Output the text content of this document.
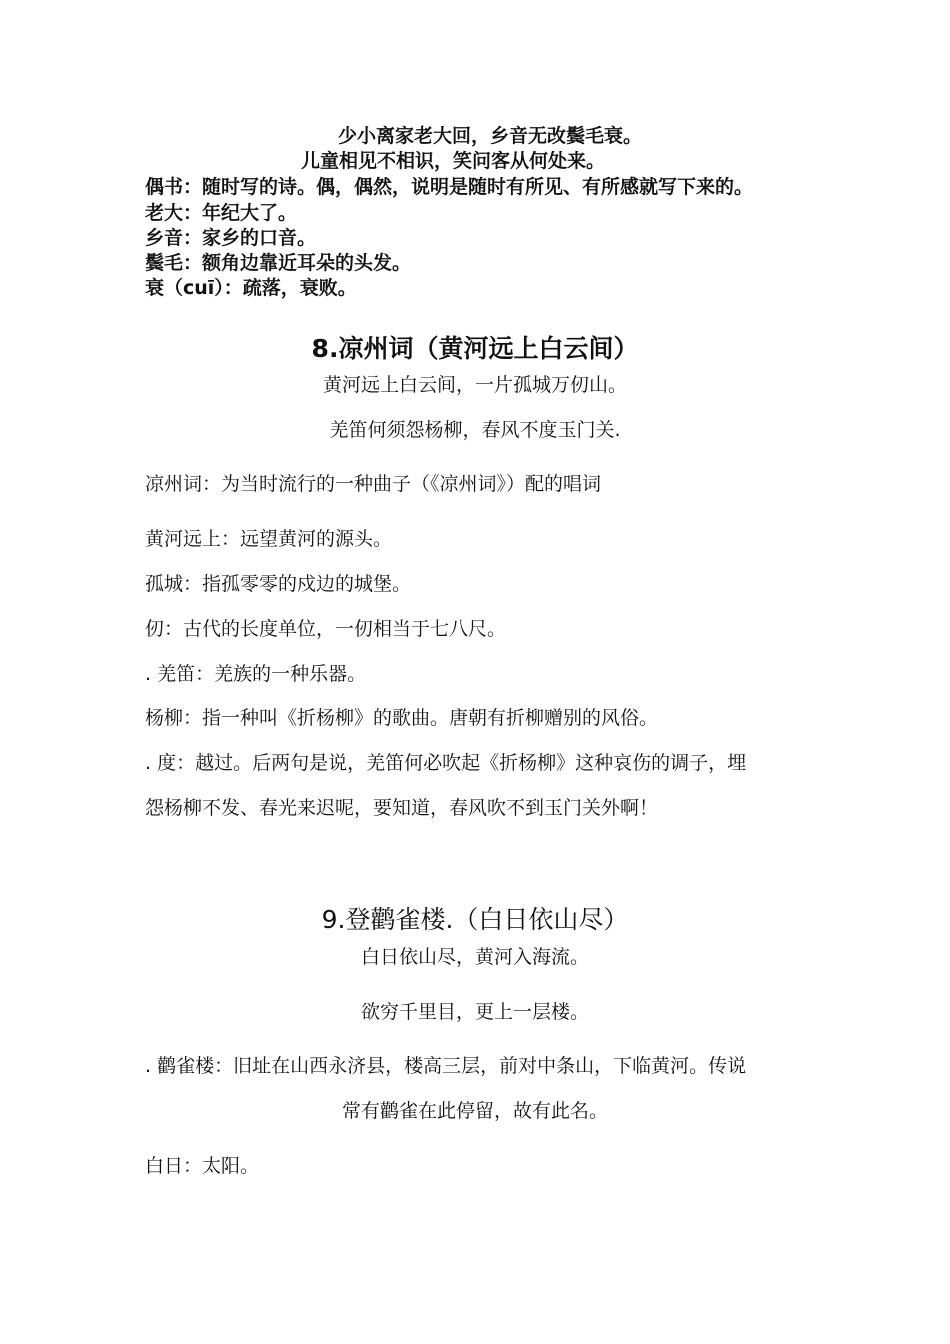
少小离家老大回，乡音无改鬓毛衰。
儿童相见不相识，笑问客从何处来。
偶书：随时写的诗。偶，偶然，说明是随时有所见、有所感就写下来的。
老大：年纪大了。
乡音：家乡的口音。
鬓毛：额角边靠近耳朵的头发。
衰（cuī）：疏落，衰败。
8.凉州词（黄河远上白云间）
黄河远上白云间，一片孤城万仞山。
羌笛何须怨杨柳，春风不度玉门关.
凉州词：为当时流行的一种曲子（《凉州词》）配的唱词
黄河远上：远望黄河的源头。
孤城：指孤零零的戍边的城堡。
仞：古代的长度单位，一仞相当于七八尺。
. 羌笛：羌族的一种乐器。
杨柳：指一种叫《折杨柳》的歌曲。唐朝有折柳赠别的风俗。
. 度：越过。后两句是说，羌笛何必吹起《折杨柳》这种哀伤的调子，埋
怨杨柳不发、春光来迟呢，要知道，春风吹不到玉门关外啊！
9.登鹳雀楼.（白日依山尽）
白日依山尽，黄河入海流。
欲穷千里目，更上一层楼。
. 鹳雀楼：旧址在山西永济县，楼高三层，前对中条山，下临黄河。传说
常有鹳雀在此停留，故有此名。
白日：太阳。
